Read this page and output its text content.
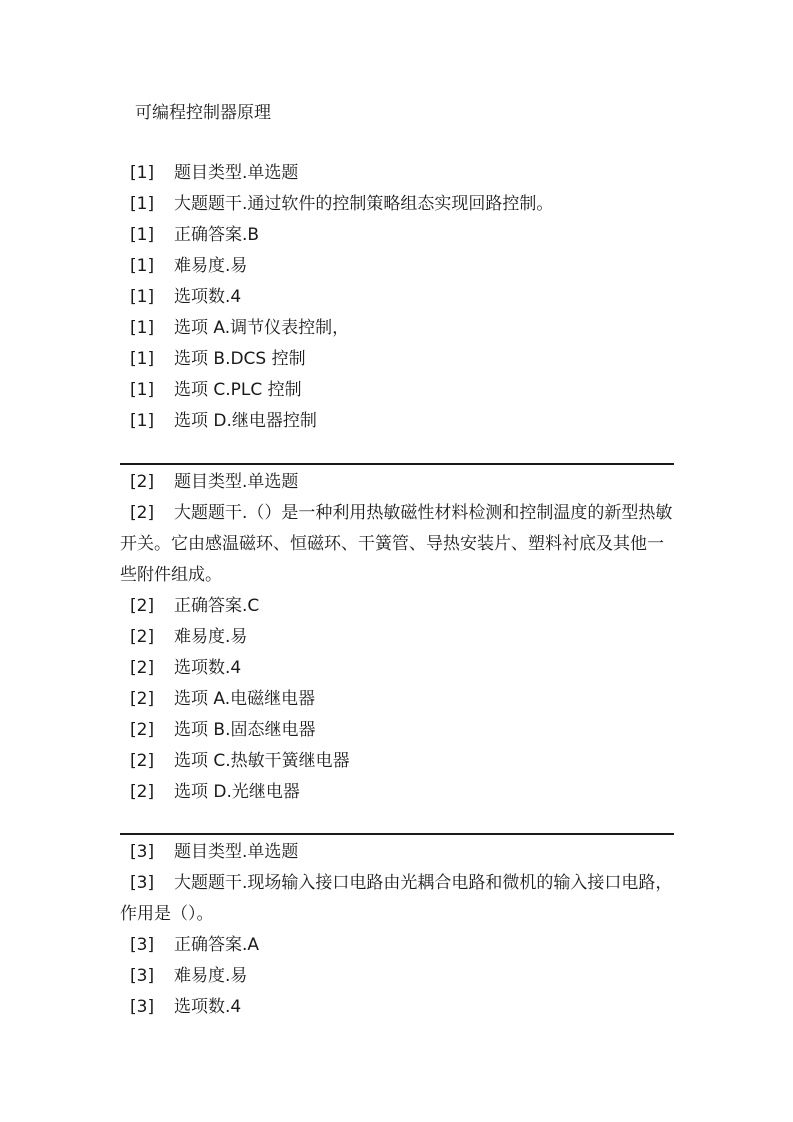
可编程控制器原理
[1] 题目类型.单选题
[1] 大题题干.通过软件的控制策略组态实现回路控制。
[1] 正确答案.B
[1] 难易度.易
[1] 选项数.4
[1] 选项 A.调节仪表控制，
[1] 选项 B.DCS 控制
[1] 选项 C.PLC 控制
[1] 选项 D.继电器控制
[2] 题目类型.单选题
[2] 大题题干.（）是一种利用热敏磁性材料检测和控制温度的新型热敏开关。它由感温磁环、恒磁环、干簧管、导热安装片、塑料衬底及其他一些附件组成。
[2] 正确答案.C
[2] 难易度.易
[2] 选项数.4
[2] 选项 A.电磁继电器
[2] 选项 B.固态继电器
[2] 选项 C.热敏干簧继电器
[2] 选项 D.光继电器
[3] 题目类型.单选题
[3] 大题题干.现场输入接口电路由光耦合电路和微机的输入接口电路，作用是（）。
[3] 正确答案.A
[3] 难易度.易
[3] 选项数.4
